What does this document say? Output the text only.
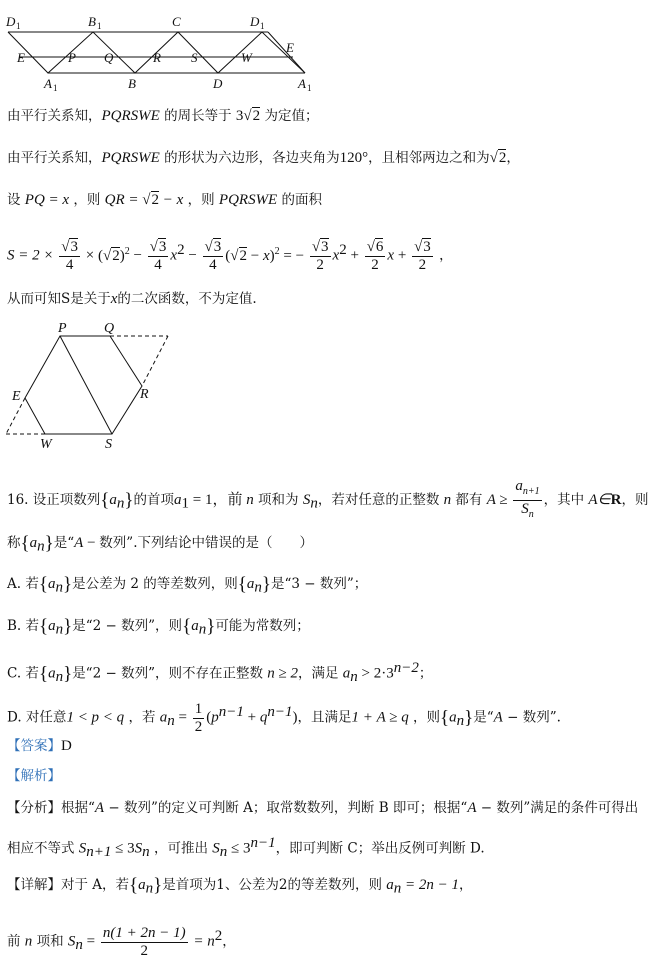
D 1	B 1	C	D 1
E
E	P Q	R S	W
A 1	B	D	A 1
由平行关系知，PQRSWE 的周长等于 3√2 为定值；
由平行关系知，PQRSWE 的形状为六边形，各边夹角为120°，且相邻两边之和为√2，
设 PQ = x ，则 QR = √2 − x ，则 PQRSWE 的面积
$S = 2 \times \frac{√3}{4} \times (√2)^2 - \frac{√3}{4} x^2 - \frac{√3}{4} (√2 - x)^2$ = − $\frac{√3}{2} x^2 + \frac{√6}{2}$ $x + \frac{√3}{2}$ ，
从而可知S是关于x的二次函数，不为定值.
P	Q
E	R
W	S
16. 设正项数列$\{a_n\}$的首项$a_1 = 1$，前 n 项和为 $S_n$，若对任意的正整数 n 都有 $A \ge \frac{a_{n+1}}{S_n}$ ，其中 A∈R，则
称$\{a_n\}$是“A − 数列”.下列结论中错误的是（　　）
A. 若$\{a_n\}$是公差为 2 的等差数列，则$\{a_n\}$是“3 − 数列”；
B. 若$\{a_n\}$是“2 − 数列”，则$\{a_n\}$可能为常数列；
C. 若$\{a_n\}$是“2 − 数列”，则不存在正整数 n ≥ 2，满足 $a_n > 2\cdot 3^{n-2}$；
D. 对任意1 < p < q ，若 $a_n = \frac{1}{2} (p^{n-1} + q^{n-1})$，且满足1 + A ≥ q ，则$\{a_n\}$是“A − 数列”.
【答案】D
【解析】
【分析】根据“A − 数列”的定义可判断 A；取常数数列，判断 B 即可；根据“A − 数列”满足的条件可得出
相应不等式 $S_{n+1} \le 3S_n$ ，可推出 $S_n \le 3^{n-1}$，即可判断 C；举出反例可判断 D.
【详解】对于 A，若$\{a_n\}$是首项为1、公差为2的等差数列，则 $a_n = 2n - 1$，
前 n 项和 $S_n = \frac{n(1 + 2n - 1)}{2} = n^2$，
